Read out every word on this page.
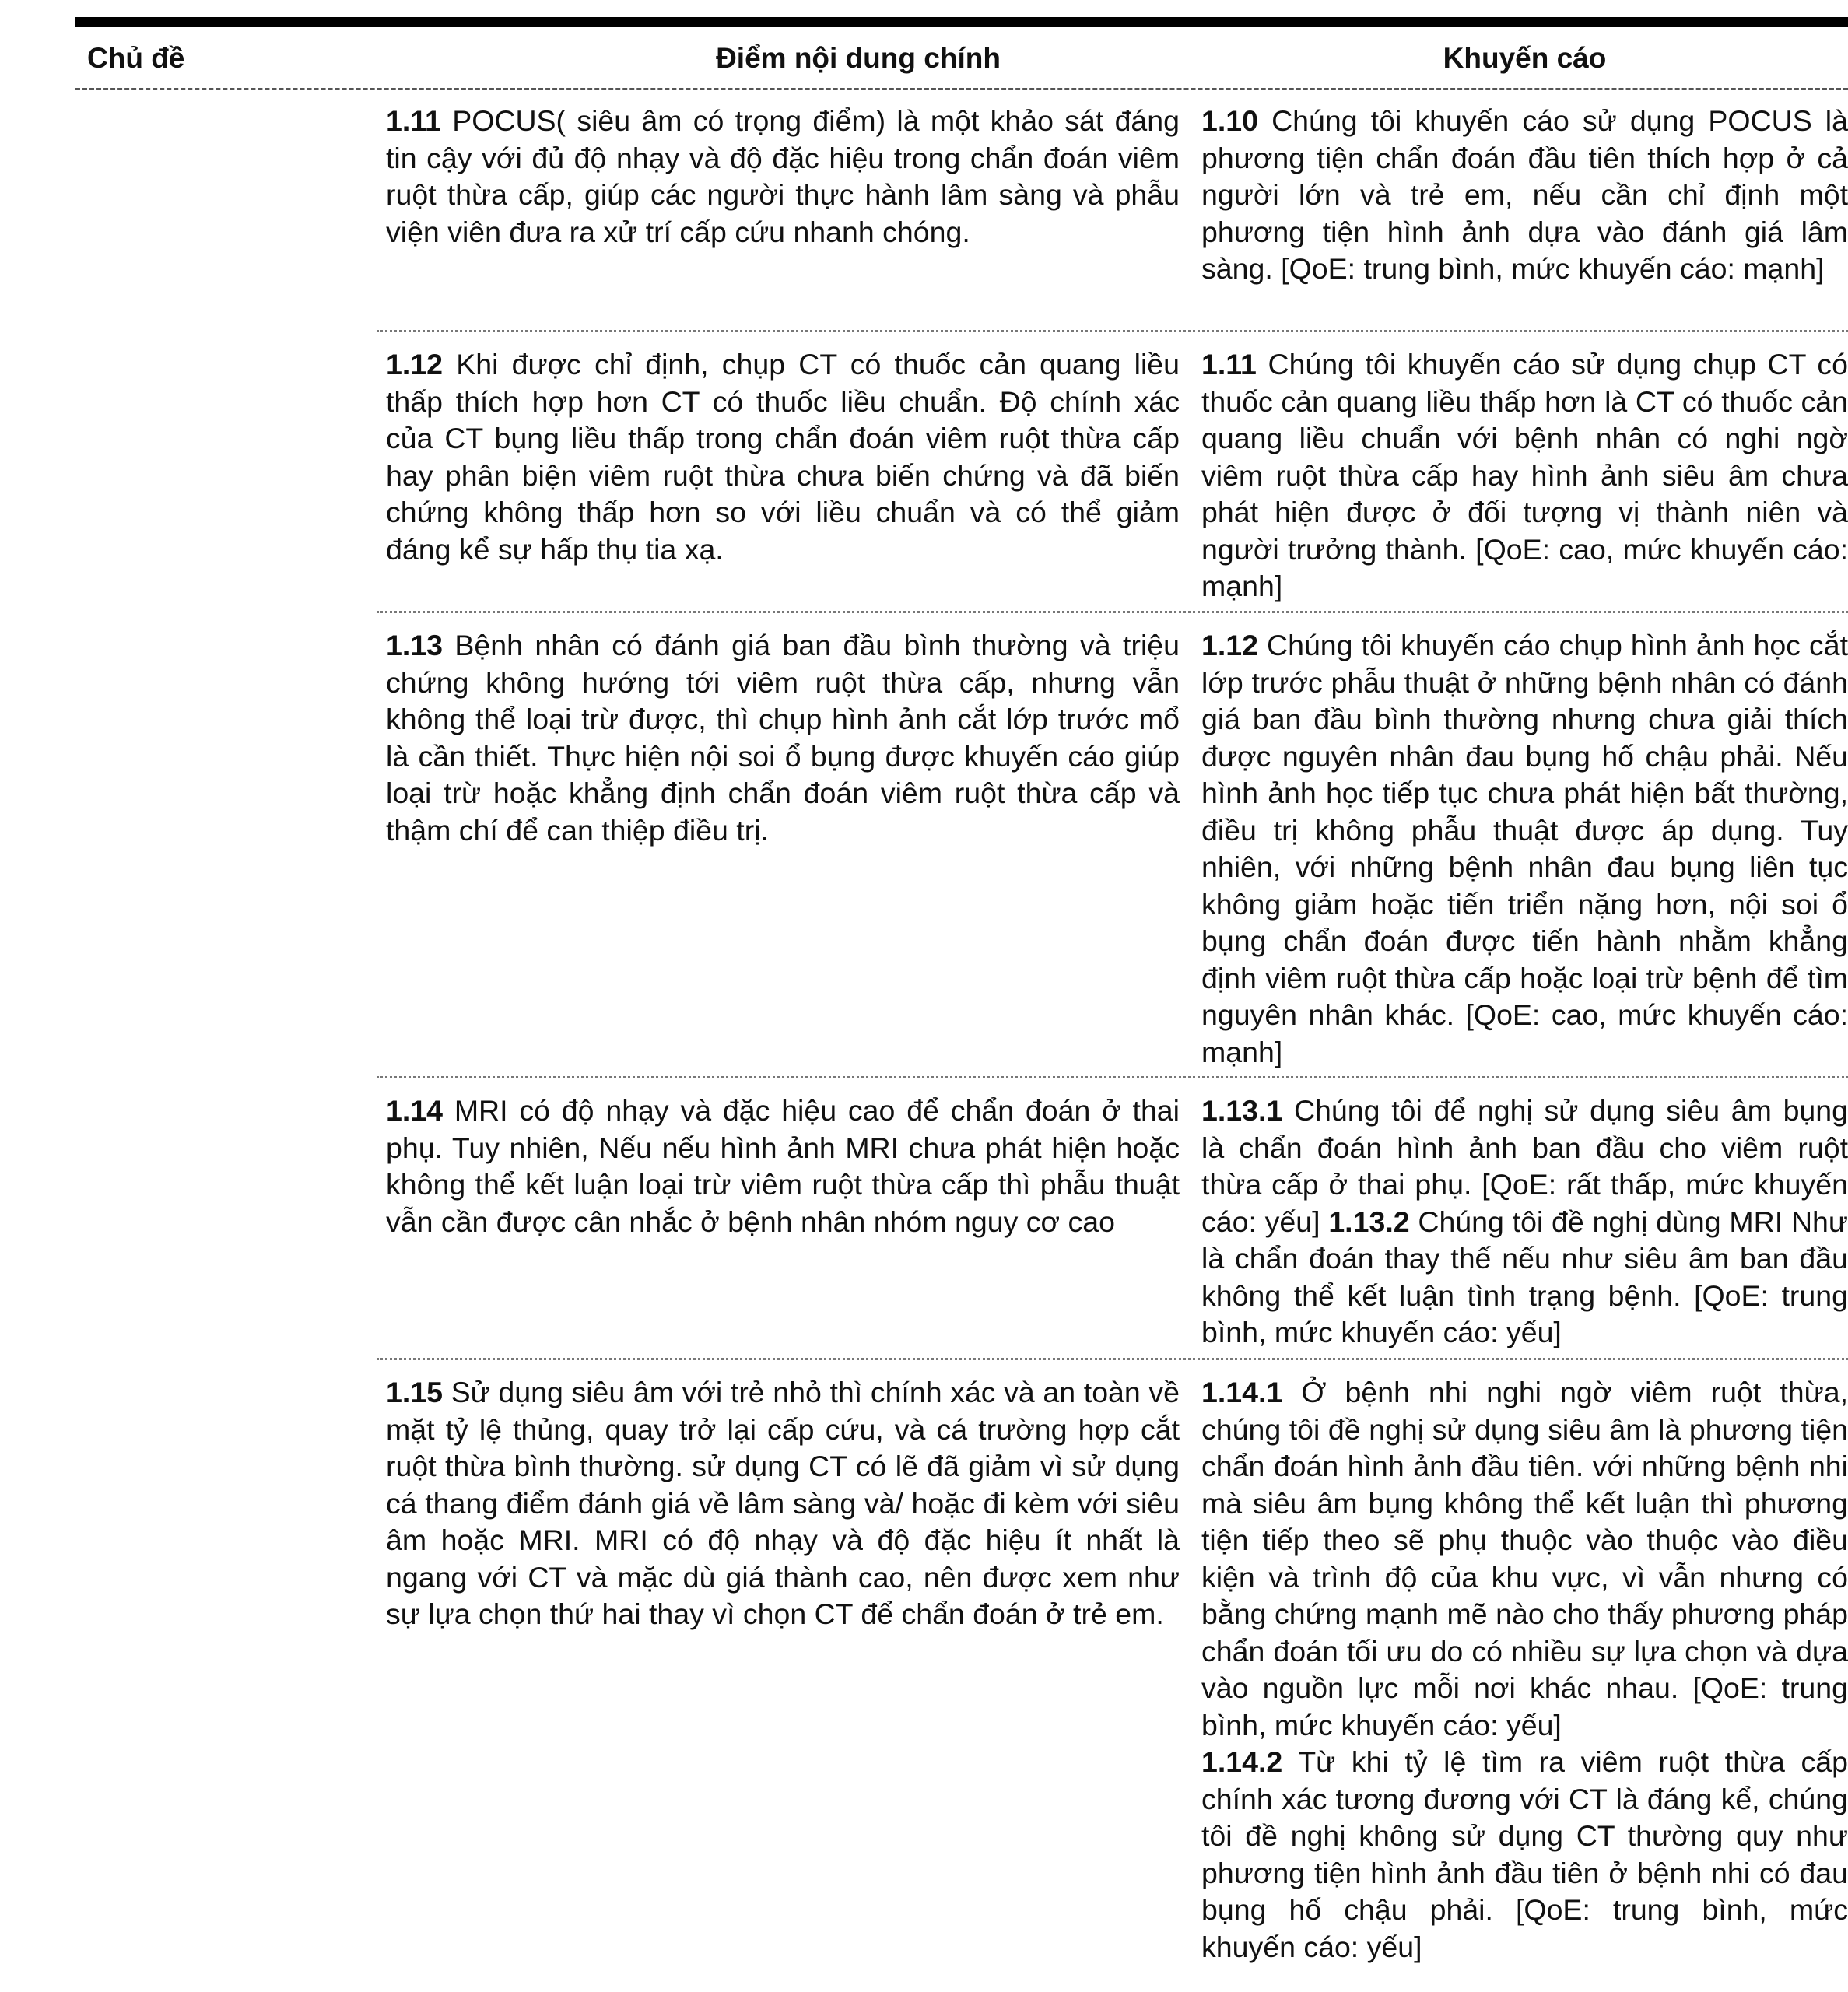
Chủ đề	Điểm nội dung chính	Khuyến cáo
1.11 POCUS( siêu âm có trọng điểm) là một khảo sát đáng tin cậy với đủ độ nhạy và độ đặc hiệu trong chẩn đoán viêm ruột thừa cấp, giúp các người thực hành lâm sàng và phẫu viện viên đưa ra xử trí cấp cứu nhanh chóng.
1.10 Chúng tôi khuyến cáo sử dụng POCUS là phương tiện chẩn đoán đầu tiên thích hợp ở cả người lớn và trẻ em, nếu cần chỉ định một phương tiện hình ảnh dựa vào đánh giá lâm sàng. [QoE: trung bình, mức khuyến cáo: mạnh]
1.12 Khi được chỉ định, chụp CT có thuốc cản quang liều thấp thích hợp hơn CT có thuốc liều chuẩn. Độ chính xác của CT bụng liều thấp trong chẩn đoán viêm ruột thừa cấp hay phân biện viêm ruột thừa chưa biến chứng và đã biến chứng không thấp hơn so với liều chuẩn và có thể giảm đáng kể sự hấp thụ tia xạ.
1.11 Chúng tôi khuyến cáo sử dụng chụp CT có thuốc cản quang liều thấp hơn là CT có thuốc cản quang liều chuẩn với bệnh nhân có nghi ngờ viêm ruột thừa cấp hay hình ảnh siêu âm chưa phát hiện được ở đối tượng vị thành niên và người trưởng thành. [QoE: cao, mức khuyến cáo: mạnh]
1.13 Bệnh nhân có đánh giá ban đầu bình thường và triệu chứng không hướng tới viêm ruột thừa cấp, nhưng vẫn không thể loại trừ được, thì chụp hình ảnh cắt lớp trước mổ là cần thiết. Thực hiện nội soi ổ bụng được khuyến cáo giúp loại trừ hoặc khẳng định chẩn đoán viêm ruột thừa cấp và thậm chí để can thiệp điều trị.
1.12 Chúng tôi khuyến cáo chụp hình ảnh học cắt lớp trước phẫu thuật ở những bệnh nhân có đánh giá ban đầu bình thường nhưng chưa giải thích được nguyên nhân đau bụng hố chậu phải. Nếu hình ảnh học tiếp tục chưa phát hiện bất thường, điều trị không phẫu thuật được áp dụng. Tuy nhiên, với những bệnh nhân đau bụng liên tục không giảm hoặc tiến triển nặng hơn, nội soi ổ bụng chẩn đoán được tiến hành nhằm khẳng định viêm ruột thừa cấp hoặc loại trừ bệnh để tìm nguyên nhân khác. [QoE: cao, mức khuyến cáo: mạnh]
1.14 MRI có độ nhạy và đặc hiệu cao để chẩn đoán ở thai phụ. Tuy nhiên, Nếu nếu hình ảnh MRI chưa phát hiện hoặc không thể kết luận loại trừ viêm ruột thừa cấp thì phẫu thuật vẫn cần được cân nhắc ở bệnh nhân nhóm nguy cơ cao
1.13.1 Chúng tôi để nghị sử dụng siêu âm bụng là chẩn đoán hình ảnh ban đầu cho viêm ruột thừa cấp ở thai phụ. [QoE: rất thấp, mức khuyến cáo: yếu] 1.13.2 Chúng tôi đề nghị dùng MRI Như là chẩn đoán thay thế nếu như siêu âm ban đầu không thể kết luận tình trạng bệnh. [QoE: trung bình, mức khuyến cáo: yếu]
1.15 Sử dụng siêu âm với trẻ nhỏ thì chính xác và an toàn về mặt tỷ lệ thủng, quay trở lại cấp cứu, và cá trường hợp cắt ruột thừa bình thường. sử dụng CT có lẽ đã giảm vì sử dụng cá thang điểm đánh giá về lâm sàng và/ hoặc đi kèm với siêu âm hoặc MRI. MRI có độ nhạy và độ đặc hiệu ít nhất là ngang với CT và mặc dù giá thành cao, nên được xem như sự lựa chọn thứ hai thay vì chọn CT để chẩn đoán ở trẻ em.
1.14.1 Ở bệnh nhi nghi ngờ viêm ruột thừa, chúng tôi đề nghị sử dụng siêu âm là phương tiện chẩn đoán hình ảnh đầu tiên. với những bệnh nhi mà siêu âm bụng không thể kết luận thì phương tiện tiếp theo sẽ phụ thuộc vào thuộc vào điều kiện và trình độ của khu vực, vì vẫn nhưng có bằng chứng mạnh mẽ nào cho thấy phương pháp chẩn đoán tối ưu do có nhiều sự lựa chọn và dựa vào nguồn lực mỗi nơi khác nhau. [QoE: trung bình, mức khuyến cáo: yếu]
1.14.2 Từ khi tỷ lệ tìm ra viêm ruột thừa cấp chính xác tương đương với CT là đáng kể, chúng tôi đề nghị không sử dụng CT thường quy như phương tiện hình ảnh đầu tiên ở bệnh nhi có đau bụng hố chậu phải. [QoE: trung bình, mức khuyến cáo: yếu]
